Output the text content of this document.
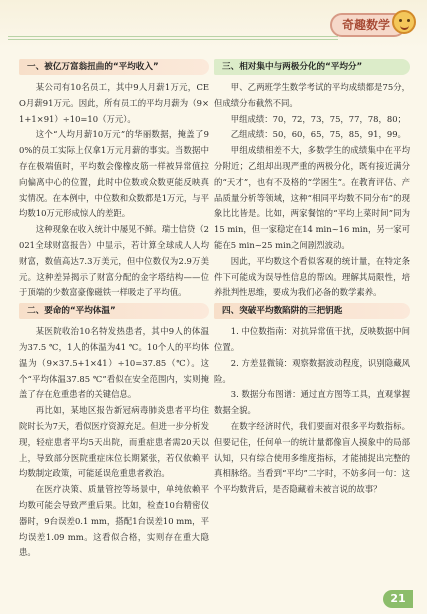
奇趣数学
一、被亿万富翁扭曲的“平均收入”

某公司有10名员工，其中9人月薪1万元，CEO月薪91万元。因此，所有员工的平均月薪为（9×1+1×91）÷10=10（万元）。

这个“人均月薪10万元”的华丽数据，掩盖了90%的员工实际上仅拿1万元月薪的事实。当数据中存在极端值时，平均数会像橡皮筋一样被异常值拉向偏离中心的位置，此时中位数或众数更能反映真实情况。在本例中，中位数和众数都是1万元，与平均数10万元形成惊人的差距。

这种现象在收入统计中屡见不鲜。瑞士信贷（2021全球财富报告）中显示，若计算全球成人人均财富，数值高达7.3万美元，但中位数仅为2.9万美元。这种差异揭示了财富分配的金字塔结构——位于顶端的少数富豪像磁铁一样吸走了平均值。

二、要命的“平均体温”

某医院收治10名特发热患者，其中9人的体温为37.5 ℃，1人的体温为41 ℃。10个人的平均体温为（9×37.5+1×41）÷10=37.85（℃）。这个“平均体温37.85 ℃”看似在安全范围内，实则掩盖了存在危重患者的关键信息。

再比如，某地区报告新冠病毒肺炎患者平均住院时长为7天，看似医疗资源充足。但进一步分析发现，轻症患者平均5天出院，而重症患者需20天以上，导致部分医院重症床位长期紧张，若仅依赖平均数制定政策，可能延误危重患者救治。

在医疗决策、质量管控等场景中，单纯依赖平均数可能会导致严重后果。比如，检查10台精密仪器时，9台误差0.1 mm，搭配1台误差10 mm，平均误差1.09 mm。这看似合格，实则存在重大隐患。

三、相对集中与两极分化的“平均分”

甲、乙两班学生数学考试的平均成绩都是75分，但成绩分布截然不同。

甲组成绩：70，72，73，75，77，78，80；

乙组成绩：50，60，65，75，85，91，99。

甲组成绩相差不大，多数学生的成绩集中在平均分附近；乙组却出现严重的两极分化，既有接近满分的“天才”，也有不及格的“学困生”。在教育评估、产品质量分析等领域，这种“相同平均数不同分布”的现象比比皆是。比如，两家餐馆的“平均上菜时间”同为15 min，但一家稳定在14 min~16 min，另一家可能在5 min~25 min之间剧烈波动。

因此，平均数这个看似客观的统计量，在特定条件下可能成为误导性信息的帮凶。理解其局限性，培养批判性思维，要成为我们必备的数学素养。

四、突破平均数陷阱的三把钥匙

1. 中位数指南：对抗异常值干扰，反映数据中间位置。

2. 方差显微镜：观察数据波动程度，识别隐藏风险。

3. 数据分布图谱：通过直方图等工具，直观掌握数据全貌。

在数字经济时代，我们要面对很多平均数指标。但要记住，任何单一的统计量都像盲人摸象中的局部认知，只有综合使用多维度指标，才能捕捉出完整的真相脉络。当看到“平均”二字时，不妨多问一句：这个平均数背后，是否隐藏着未被言说的故事？

21
